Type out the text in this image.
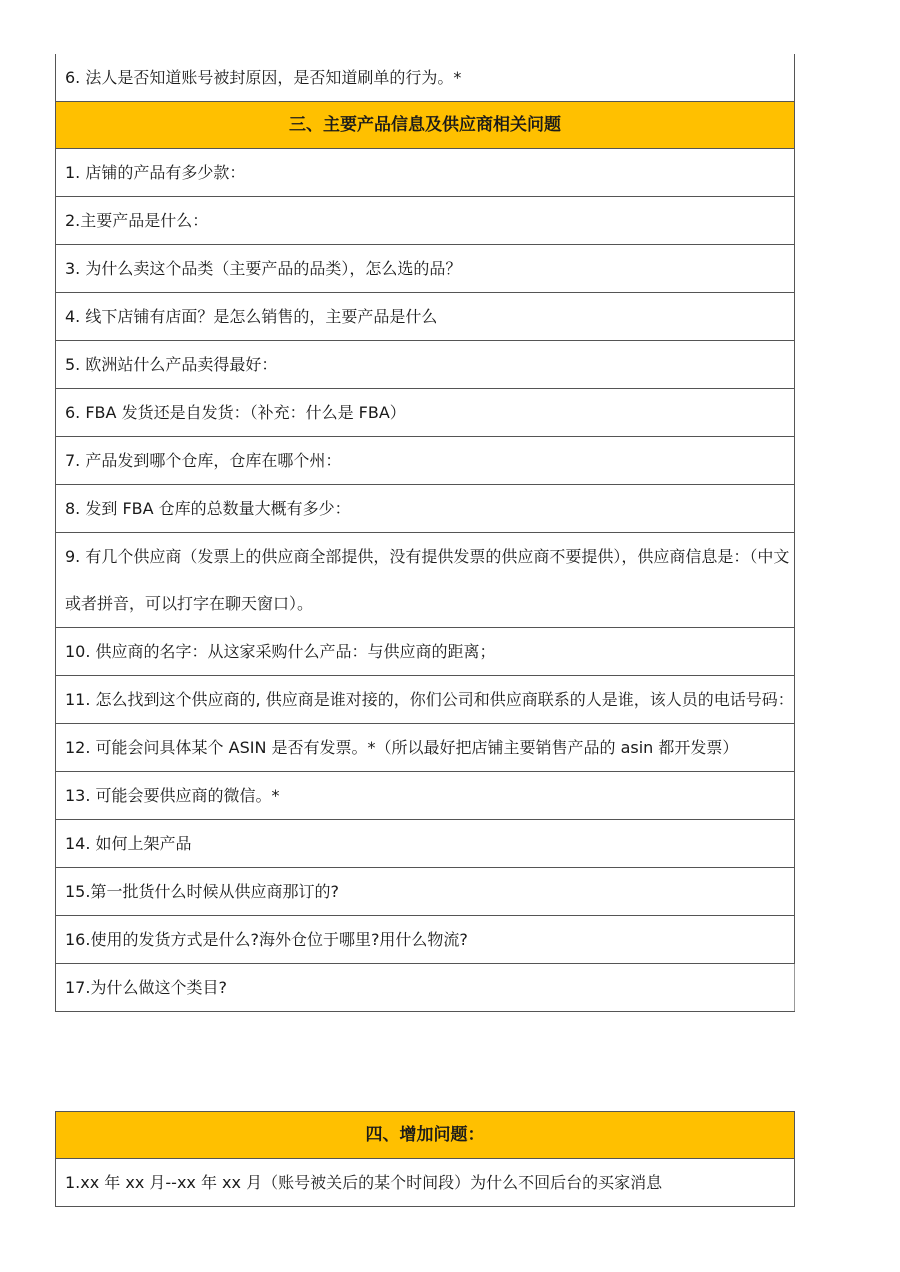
6. 法人是否知道账号被封原因，是否知道刷单的行为。*
三、主要产品信息及供应商相关问题
1. 店铺的产品有多少款：
2.主要产品是什么：
3. 为什么卖这个品类（主要产品的品类），怎么选的品？
4. 线下店铺有店面？是怎么销售的，主要产品是什么
5. 欧洲站什么产品卖得最好：
6. FBA 发货还是自发货：（补充：什么是 FBA）
7. 产品发到哪个仓库，仓库在哪个州：
8. 发到 FBA 仓库的总数量大概有多少：
9. 有几个供应商（发票上的供应商全部提供，没有提供发票的供应商不要提供），供应商信息是：（中文或者拼音，可以打字在聊天窗口）。
10. 供应商的名字：从这家采购什么产品：与供应商的距离；
11. 怎么找到这个供应商的, 供应商是谁对接的，你们公司和供应商联系的人是谁，该人员的电话号码：
12. 可能会问具体某个 ASIN 是否有发票。*（所以最好把店铺主要销售产品的 asin 都开发票）
13. 可能会要供应商的微信。*
14. 如何上架产品
15.第一批货什么时候从供应商那订的?
16.使用的发货方式是什么?海外仓位于哪里?用什么物流?
17.为什么做这个类目?
四、增加问题：
1.xx 年 xx 月--xx 年 xx 月（账号被关后的某个时间段）为什么不回后台的买家消息
